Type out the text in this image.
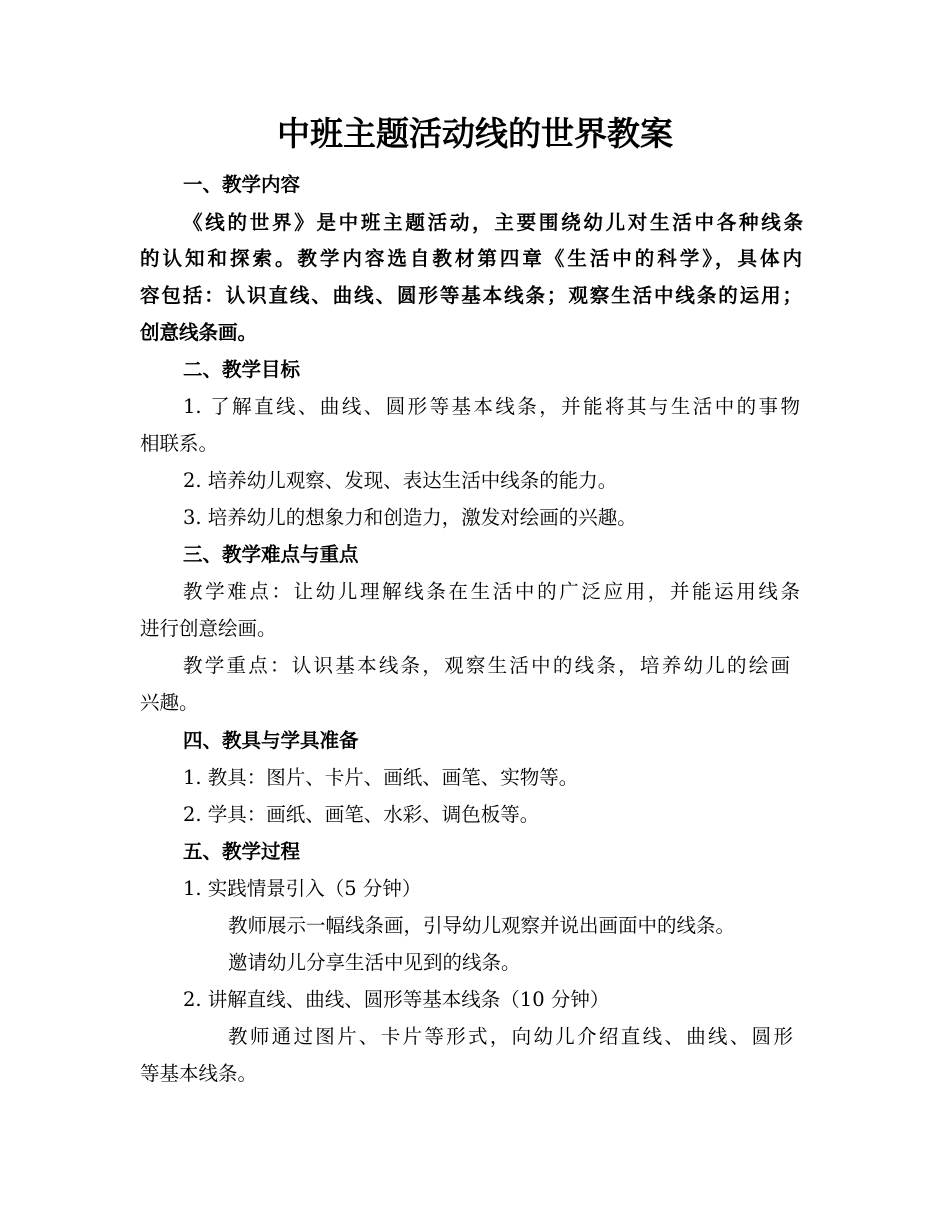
中班主题活动线的世界教案
一、教学内容
《线的世界》是中班主题活动，主要围绕幼儿对生活中各种线条
的认知和探索。教学内容选自教材第四章《生活中的科学》，具体内
容包括：认识直线、曲线、圆形等基本线条；观察生活中线条的运用；
创意线条画。
二、教学目标
1. 了解直线、曲线、圆形等基本线条，并能将其与生活中的事物
相联系。
2. 培养幼儿观察、发现、表达生活中线条的能力。
3. 培养幼儿的想象力和创造力，激发对绘画的兴趣。
三、教学难点与重点
教学难点：让幼儿理解线条在生活中的广泛应用，并能运用线条
进行创意绘画。
教学重点：认识基本线条，观察生活中的线条，培养幼儿的绘画
兴趣。
四、教具与学具准备
1. 教具：图片、卡片、画纸、画笔、实物等。
2. 学具：画纸、画笔、水彩、调色板等。
五、教学过程
1. 实践情景引入（5 分钟）
教师展示一幅线条画，引导幼儿观察并说出画面中的线条。
邀请幼儿分享生活中见到的线条。
2. 讲解直线、曲线、圆形等基本线条（10 分钟）
教师通过图片、卡片等形式，向幼儿介绍直线、曲线、圆形
等基本线条。
